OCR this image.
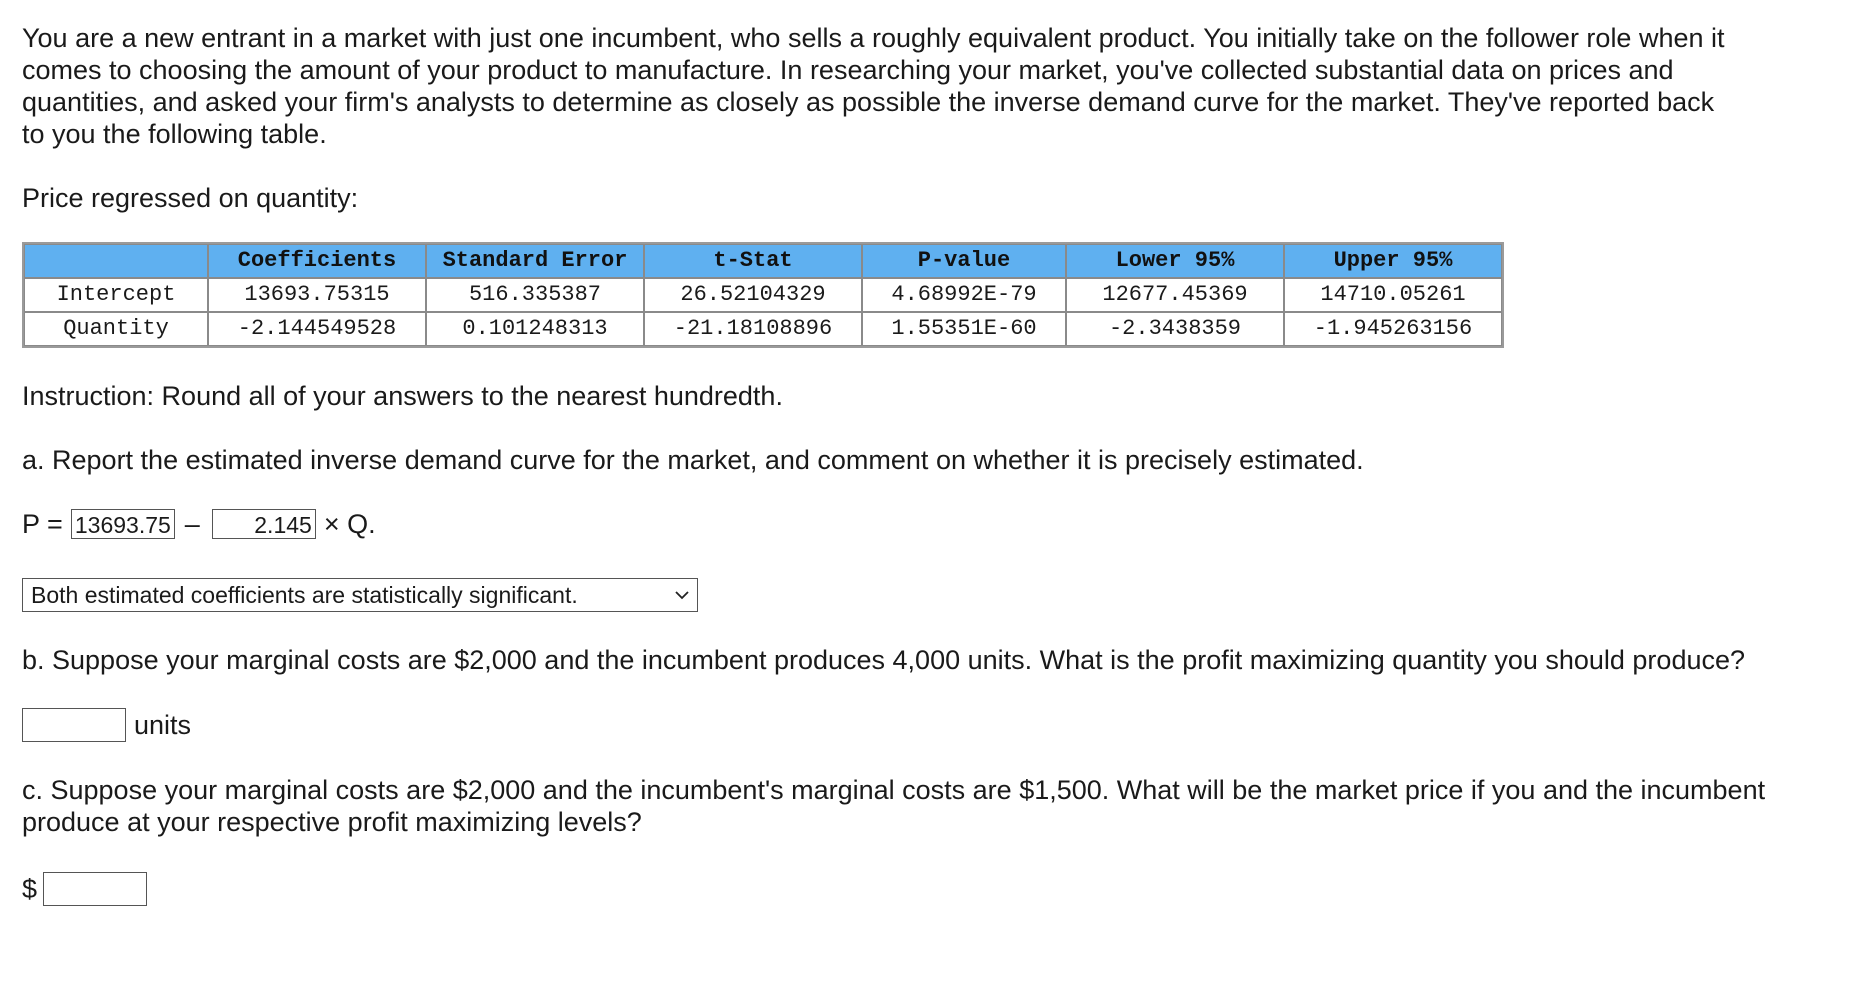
You are a new entrant in a market with just one incumbent, who sells a roughly equivalent product. You initially take on the follower role when it comes to choosing the amount of your product to manufacture. In researching your market, you've collected substantial data on prices and quantities, and asked your firm's analysts to determine as closely as possible the inverse demand curve for the market. They've reported back to you the following table.

Price regressed on quantity:

	Coefficients	Standard Error	t-Stat	P-value	Lower 95%	Upper 95%
Intercept	13693.75315	516.335387	26.52104329	4.68992E-79	12677.45369	14710.05261
Quantity	-2.144549528	0.101248313	-21.18108896	1.55351E-60	-2.3438359	-1.945263156

Instruction: Round all of your answers to the nearest hundredth.

a. Report the estimated inverse demand curve for the market, and comment on whether it is precisely estimated.

P = 13693.75 –	2.145 × Q.
Both estimated coefficients are statistically significant.

b. Suppose your marginal costs are $2,000 and the incumbent produces 4,000 units. What is the profit maximizing quantity you should produce?

units

c. Suppose your marginal costs are $2,000 and the incumbent's marginal costs are $1,500. What will be the market price if you and the incumbent produce at your respective profit maximizing levels?

$
